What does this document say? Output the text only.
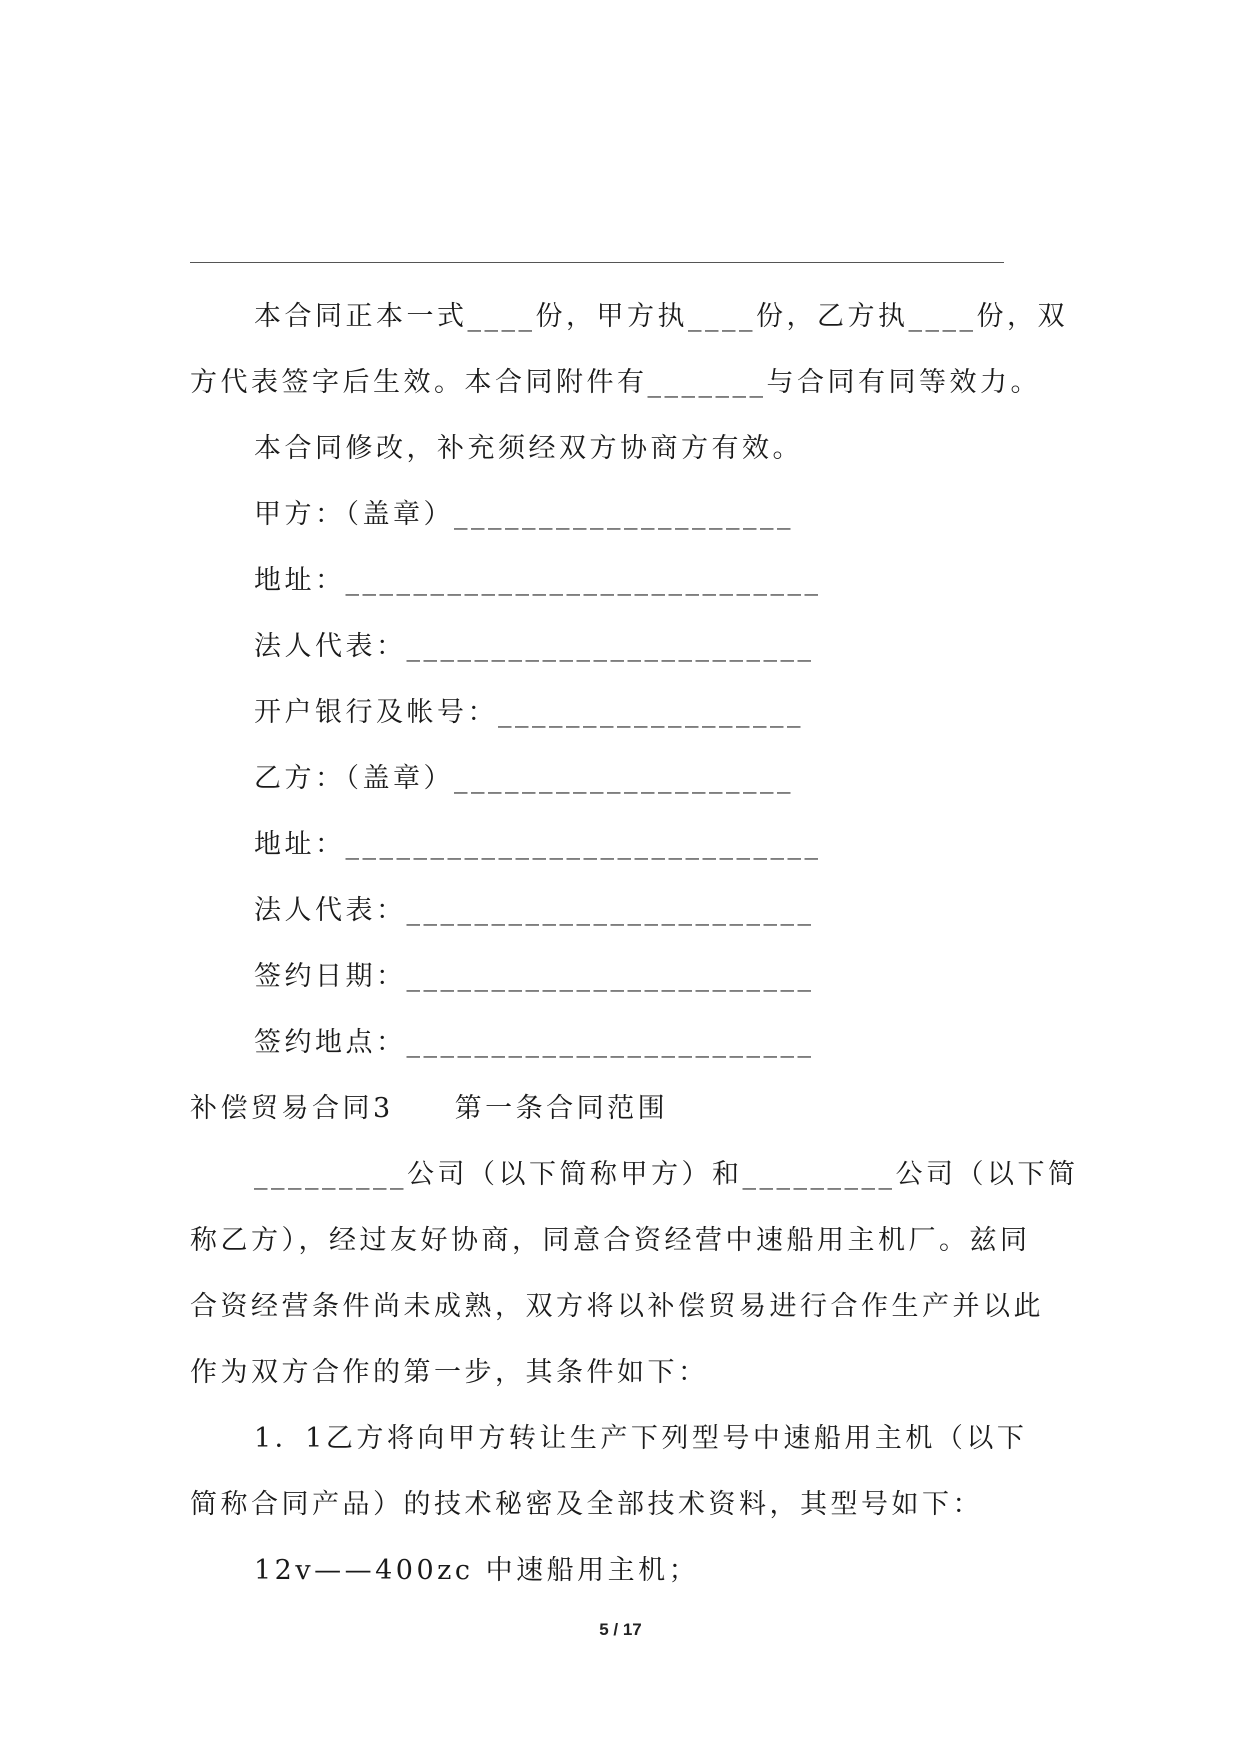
本合同正本一式____份，甲方执____份，乙方执____份，双
方代表签字后生效。本合同附件有_______与合同有同等效力。
本合同修改，补充须经双方协商方有效。
甲方：（盖章）____________________
地址：____________________________
法人代表：________________________
开户银行及帐号：__________________
乙方：（盖章）____________________
地址：____________________________
法人代表：________________________
签约日期：________________________
签约地点：________________________
补偿贸易合同3　　第一条合同范围
_________公司（以下简称甲方）和_________公司（以下简
称乙方），经过友好协商，同意合资经营中速船用主机厂。兹同
合资经营条件尚未成熟，双方将以补偿贸易进行合作生产并以此
作为双方合作的第一步，其条件如下：
1．1乙方将向甲方转让生产下列型号中速船用主机（以下
简称合同产品）的技术秘密及全部技术资料，其型号如下：
12v——400zc 中速船用主机；
5 / 17
